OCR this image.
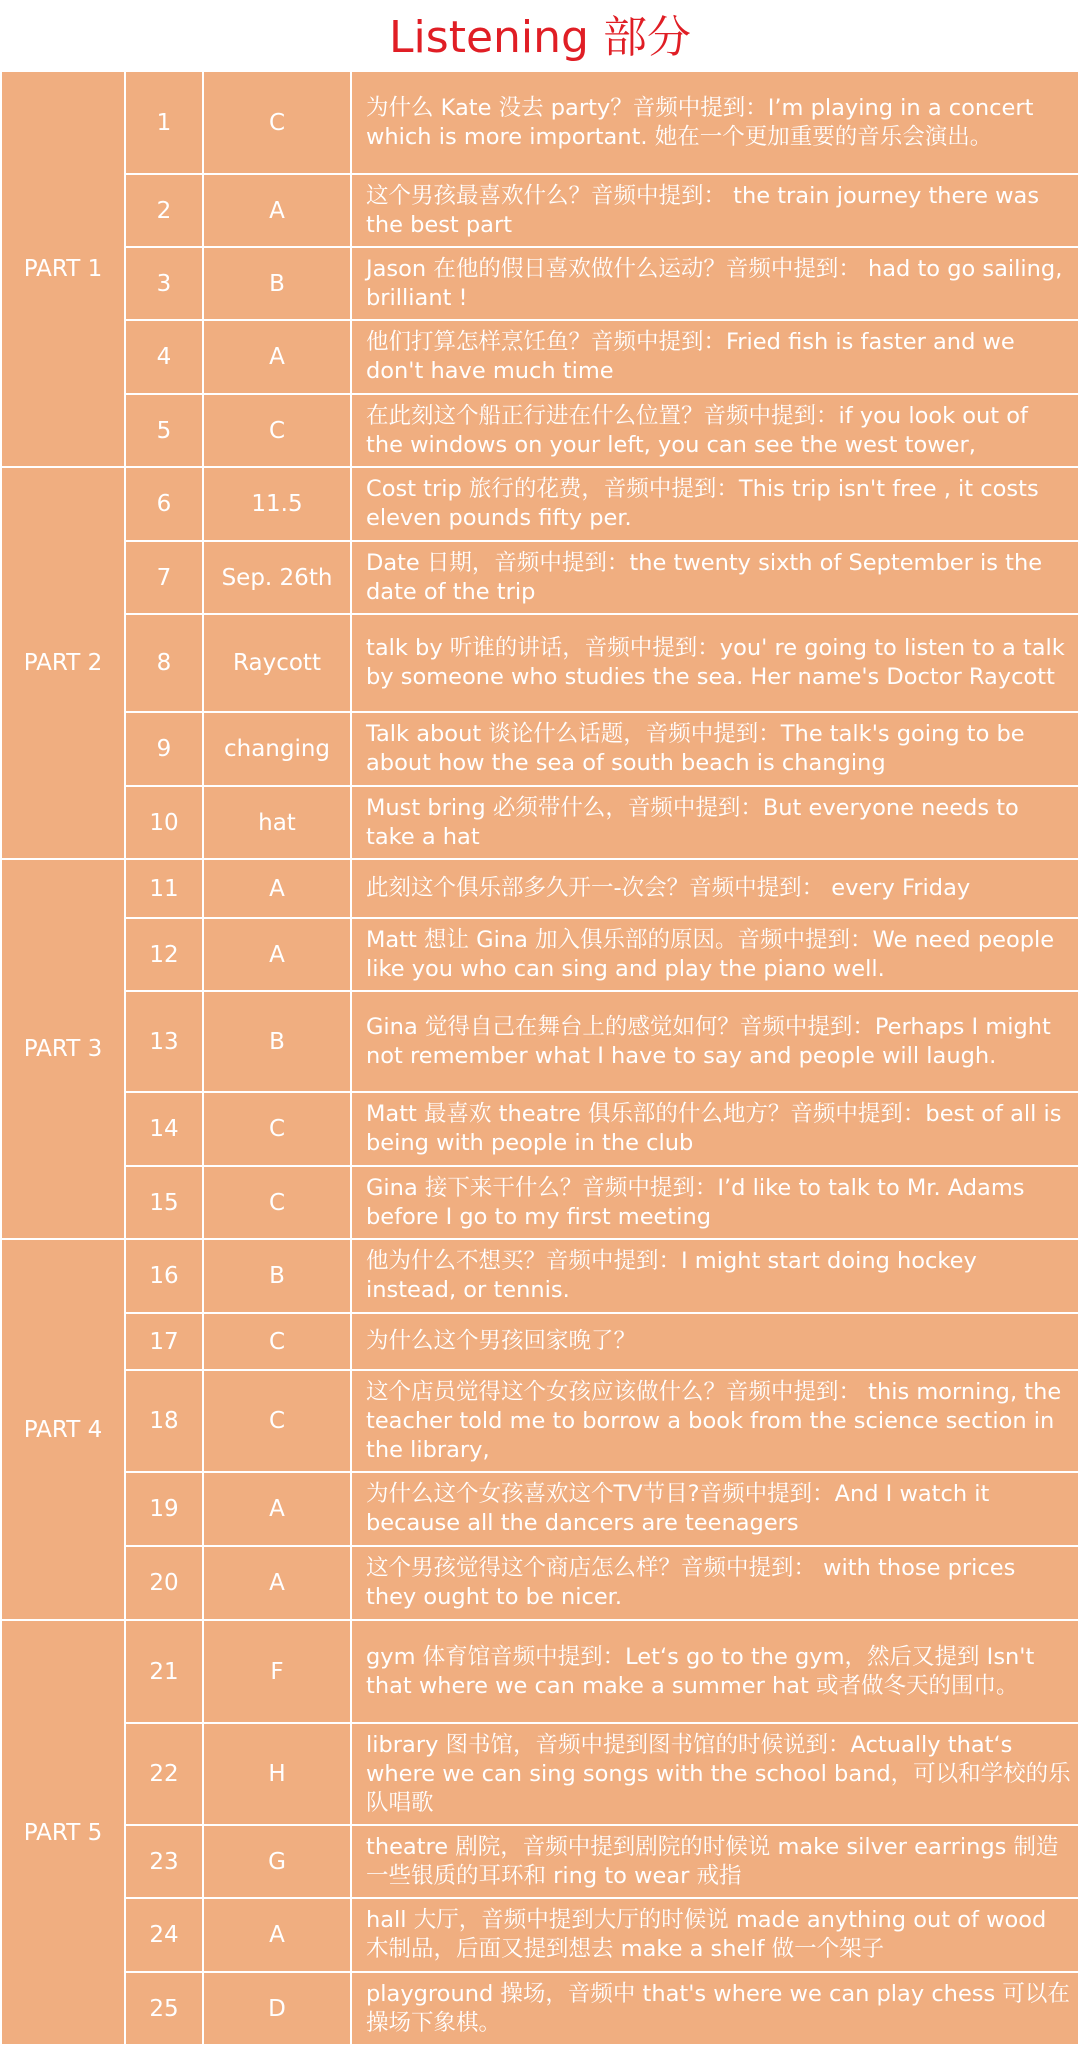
Listening 部分
PART 1	1	C	为什么 Kate 没去 party？音频中提到：I’m playing in a concert which is more important. 她在一个更加重要的音乐会演出。
	2	A	这个男孩最喜欢什么？音频中提到： the train journey there was the best part
	3	B	Jason 在他的假日喜欢做什么运动？音频中提到： had to go sailing, brilliant !
	4	A	他们打算怎样烹饪鱼？音频中提到：Fried fish is faster and we don't have much time
	5	C	在此刻这个船正行进在什么位置？音频中提到：if you look out of the windows on your left, you can see the west tower,
PART 2	6	11.5	Cost trip 旅行的花费，音频中提到：This trip isn't free , it costs eleven pounds fifty per.
	7	Sep. 26th	Date 日期，音频中提到：the twenty sixth of September is the date of the trip
	8	Raycott	talk by 听谁的讲话，音频中提到：you' re going to listen to a talk by someone who studies the sea. Her name's Doctor Raycott
	9	changing	Talk about 谈论什么话题，音频中提到：The talk's going to be about how the sea of south beach is changing
	10	hat	Must bring 必须带什么，音频中提到：But everyone needs to take a hat
PART 3	11	A	此刻这个俱乐部多久开一-次会？音频中提到： every Friday
	12	A	Matt 想让 Gina 加入俱乐部的原因。音频中提到：We need people like you who can sing and play the piano well.
	13	B	Gina 觉得自己在舞台上的感觉如何？音频中提到：Perhaps I might not remember what I have to say and people will laugh.
	14	C	Matt 最喜欢 theatre 俱乐部的什么地方？音频中提到：best of all is being with people in the club
	15	C	Gina 接下来干什么？音频中提到：I’d like to talk to Mr. Adams before I go to my first meeting
PART 4	16	B	他为什么不想买？音频中提到：I might start doing hockey instead, or tennis.
	17	C	为什么这个男孩回家晚了？
	18	C	这个店员觉得这个女孩应该做什么？音频中提到： this morning, the teacher told me to borrow a book from the science section in the library,
	19	A	为什么这个女孩喜欢这个TV节目?音频中提到：And I watch it because all the dancers are teenagers
	20	A	这个男孩觉得这个商店怎么样？音频中提到： with those prices they ought to be nicer.
PART 5	21	F	gym 体育馆音频中提到：Let‘s go to the gym，然后又提到 Isn't that where we can make a summer hat 或者做冬天的围巾。
	22	H	library 图书馆，音频中提到图书馆的时候说到：Actually that‘s where we can sing songs with the school band，可以和学校的乐队唱歌
	23	G	theatre 剧院，音频中提到剧院的时候说 make silver earrings 制造一些银质的耳环和 ring to wear 戒指
	24	A	hall 大厅，音频中提到大厅的时候说 made anything out of wood 木制品，后面又提到想去 make a shelf 做一个架子
	25	D	playground 操场，音频中 that's where we can play chess 可以在操场下象棋。
